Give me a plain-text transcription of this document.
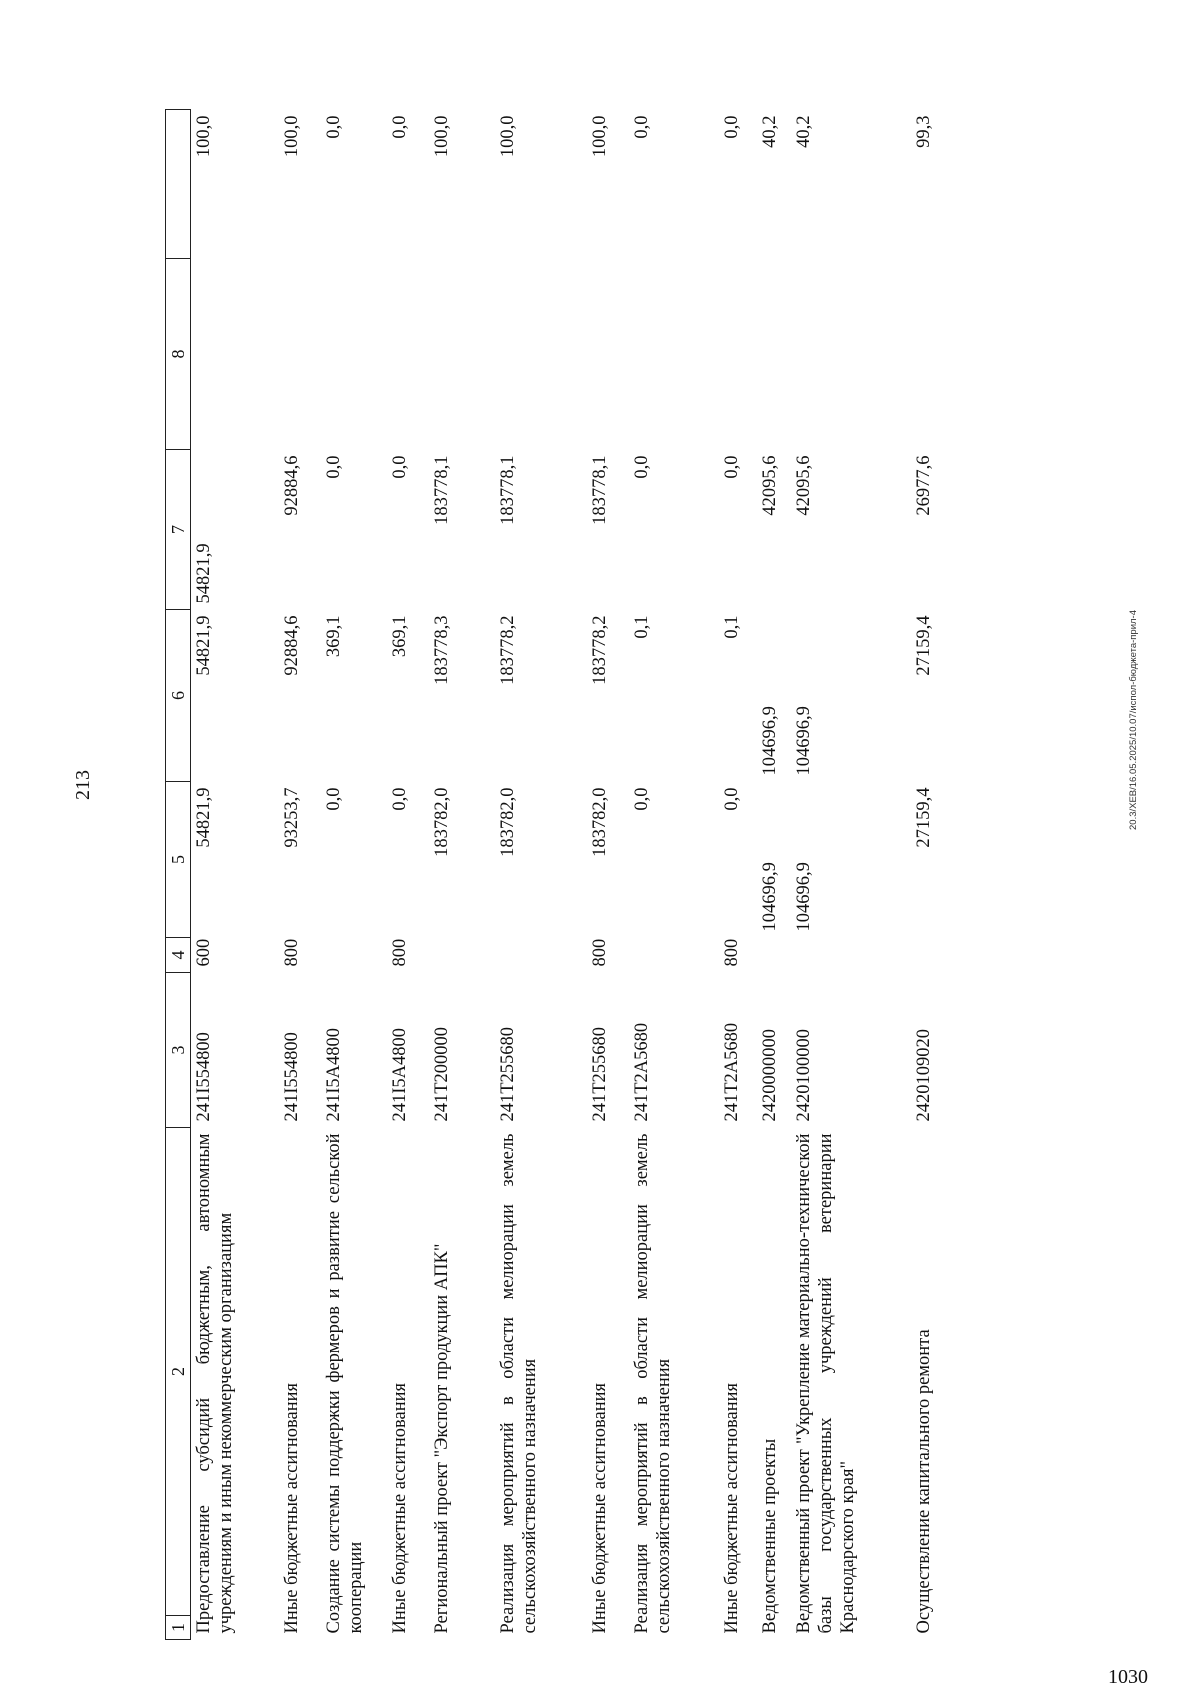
213
1	2	3	4	5	6	7	8	
Предоставление субсидий бюджетным, автономным учреждениям и иным некоммерческим организациям		241I554800	600	54821,9	54821,9	54821,9	100,0	
Иные бюджетные ассигнования		241I554800	800	93253,7	92884,6	92884,6	100,0	
Создание системы поддержки фермеров и развитие сельской кооперации		241I5A4800		0,0	369,1	0,0	0,0	
Иные бюджетные ассигнования		241I5A4800	800	0,0	369,1	0,0	0,0	
Региональный проект "Экспорт продукции АПК"		241T200000		183782,0	183778,3	183778,1	100,0	
Реализация мероприятий в области мелиорации земель сельскохозяйственного назначения		241T255680		183782,0	183778,2	183778,1	100,0	
Иные бюджетные ассигнования		241T255680	800	183782,0	183778,2	183778,1	100,0	
Реализация мероприятий в области мелиорации земель сельскохозяйственного назначения		241T2A5680		0,0	0,1	0,0	0,0	
Иные бюджетные ассигнования		241T2A5680	800	0,0	0,1	0,0	0,0	
Ведомственные проекты		2420000000		104696,9	104696,9	42095,6	40,2	
Ведомственный проект "Укрепление материально-технической базы государственных учреждений ветеринарии Краснодарского края"		2420100000		104696,9	104696,9	42095,6	40,2	
Осуществление капитального ремонта		2420109020		27159,4	27159,4	26977,6	99,3	
20.3/XEB/16.05.2025/10.07/испол-бюджета-прил-4
1030
